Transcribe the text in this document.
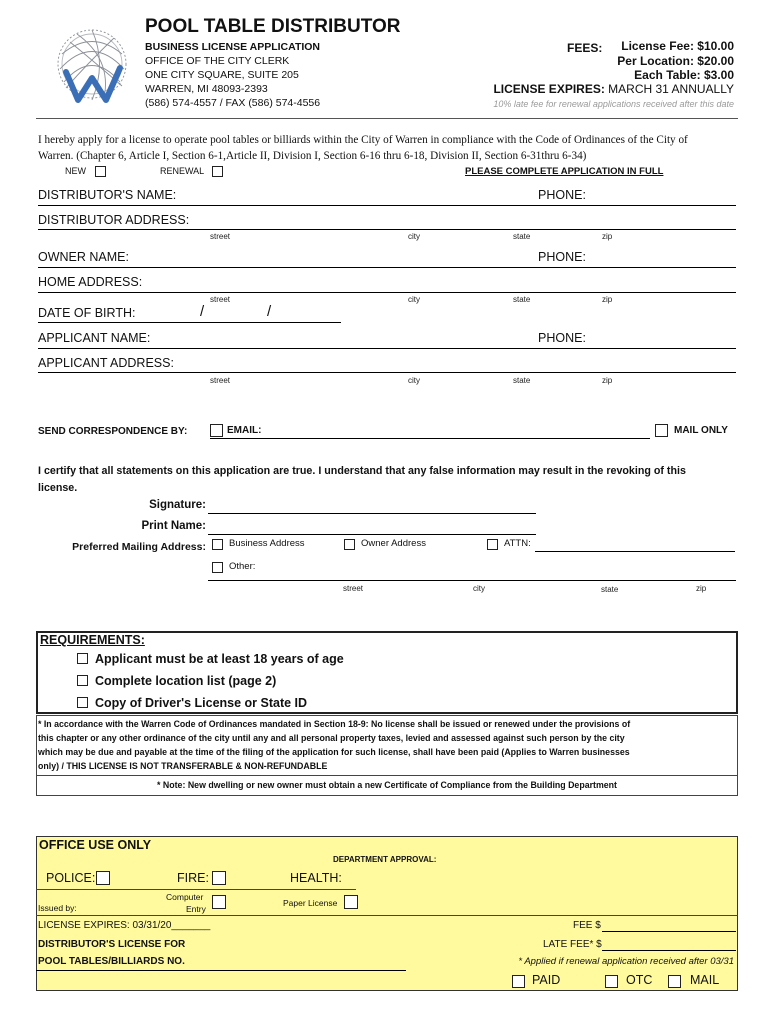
POOL TABLE DISTRIBUTOR
BUSINESS LICENSE APPLICATION
OFFICE OF THE CITY CLERK
ONE CITY SQUARE, SUITE 205
WARREN, MI 48093-2393
(586) 574-4557 / FAX (586) 574-4556
FEES: License Fee: $10.00
Per Location: $20.00
Each Table: $3.00
LICENSE EXPIRES: MARCH 31 ANNUALLY
10% late fee for renewal applications received after this date
I hereby apply for a license to operate pool tables or billiards within the City of Warren in compliance with the Code of Ordinances of the City of
Warren. (Chapter 6, Article I, Section 6-1,Article II, Division I, Section 6-16 thru 6-18, Division II, Section 6-31thru 6-34)
NEW	RENEWAL	PLEASE COMPLETE APPLICATION IN FULL
DISTRIBUTOR'S NAME:	PHONE:
DISTRIBUTOR ADDRESS:
street	city	state	zip
OWNER NAME:	PHONE:
HOME ADDRESS:
street	city	state	zip
DATE OF BIRTH:	/	/
APPLICANT NAME:	PHONE:
APPLICANT ADDRESS:
street	city	state	zip
SEND CORRESPONDENCE BY:	EMAIL:	MAIL ONLY
I certify that all statements on this application are true. I understand that any false information may result in the revoking of this
license.
Signature:
Print Name:
Preferred Mailing Address: Business Address	Owner Address	ATTN:
Other:
street	city	state	zip
REQUIREMENTS:
Applicant must be at least 18 years of age
Complete location list (page 2)
Copy of Driver's License or State ID
* In accordance with the Warren Code of Ordinances mandated in Section 18-9: No license shall be issued or renewed under the provisions of
this chapter or any other ordinance of the city until any and all personal property taxes, levied and assessed against such person by the city
which may be due and payable at the time of the filing of the application for such license, shall have been paid (Applies to Warren businesses
only) / THIS LICENSE IS NOT TRANSFERABLE & NON-REFUNDABLE
* Note: New dwelling or new owner must obtain a new Certificate of Compliance from the Building Department
OFFICE USE ONLY
DEPARTMENT APPROVAL:
POLICE:	FIRE:	HEALTH:
Computer
Entry
Issued by:	Paper License
LICENSE EXPIRES: 03/31/20_______	FEE $
DISTRIBUTOR'S LICENSE FOR	LATE FEE* $
POOL TABLES/BILLIARDS NO.	* Applied if renewal application received after 03/31
PAID	OTC	MAIL
